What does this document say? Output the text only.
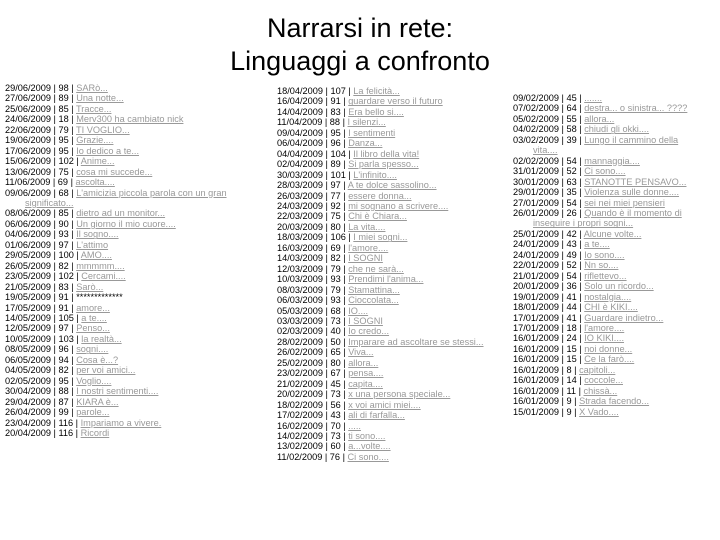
Narrarsi in rete:
Linguaggi a confronto
29/06/2009 | 98 | SARò...
27/06/2009 | 89 | Una notte...
25/06/2009 | 85 | Tracce...
24/06/2009 | 18 | Merv300 ha cambiato nick
22/06/2009 | 79 | TI VOGLIO...
19/06/2009 | 95 | Grazie....
17/06/2009 | 95 | Io dedico a te...
15/06/2009 | 102 | Anime...
13/06/2009 | 75 | cosa mi succede...
11/06/2009 | 69 | ascolta....
09/06/2009 | 68 | L'amicizia piccola parola con un gran
significato...
08/06/2009 | 85 | dietro ad un monitor...
06/06/2009 | 90 | Un giorno il mio cuore....
04/06/2009 | 93 | Il sogno....
01/06/2009 | 97 | L'attimo
29/05/2009 | 100 | AMO....
26/05/2009 | 82 | mmmmm....
23/05/2009 | 102 | Cercami....
21/05/2009 | 83 | Sarò...
19/05/2009 | 91 | *************
17/05/2009 | 91 | amore...
14/05/2009 | 105 | a te....
12/05/2009 | 97 | Penso...
10/05/2009 | 103 | la realtà...
08/05/2009 | 96 | sogni....
06/05/2009 | 94 | Cosa è...?
04/05/2009 | 82 | per voi amici...
02/05/2009 | 95 | Voglio....
30/04/2009 | 88 | I nostri sentimenti....
29/04/2009 | 87 | KIARA è...
26/04/2009 | 99 | parole...
23/04/2009 | 116 | Impariamo a vivere.
20/04/2009 | 116 | Ricordi
18/04/2009 | 107 | La felicità...
16/04/2009 | 91 | guardare verso il futuro
14/04/2009 | 83 | Era bello si....
11/04/2009 | 88 | I silenzi...
09/04/2009 | 95 | I sentimenti
06/04/2009 | 96 | Danza...
04/04/2009 | 104 | Il libro della vita!
02/04/2009 | 89 | Si parla spesso...
30/03/2009 | 101 | L'infinito....
28/03/2009 | 97 | A te dolce sassolino...
26/03/2009 | 77 | essere donna...
24/03/2009 | 92 | mi sognano a scrivere....
22/03/2009 | 75 | Chi è Chiara...
20/03/2009 | 80 | La vita....
18/03/2009 | 106 | I miei sogni...
16/03/2009 | 69 | l'amore....
14/03/2009 | 82 | I SOGNI
12/03/2009 | 79 | che ne sarà...
10/03/2009 | 93 | Prendimi l'anima...
08/03/2009 | 79 | Stamattina...
06/03/2009 | 93 | Cioccolata...
05/03/2009 | 68 | IO....
03/03/2009 | 73 | I SOGNI
02/03/2009 | 40 | Io credo...
28/02/2009 | 50 | Imparare ad ascoltare se stessi...
26/02/2009 | 65 | Viva...
25/02/2009 | 80 | allora...
23/02/2009 | 67 | pensa....
21/02/2009 | 45 | capita....
20/02/2009 | 73 | x una persona speciale...
18/02/2009 | 56 | x voi amici miei....
17/02/2009 | 43 | ali di farfalla...
16/02/2009 | 70 | .....
14/02/2009 | 73 | ti sono....
13/02/2009 | 60 | a...volte....
11/02/2009 | 76 | Ci sono....
09/02/2009 | 45 | .......
07/02/2009 | 64 | destra... o sinistra... ????
05/02/2009 | 55 | allora...
04/02/2009 | 58 | chiudi gli okki....
03/02/2009 | 39 | Lungo il cammino della
vita....
02/02/2009 | 54 | mannaggia....
31/01/2009 | 52 | Ci sono....
30/01/2009 | 63 | STANOTTE PENSAVO...
29/01/2009 | 35 | Violenza sulle donne....
27/01/2009 | 54 | sei nei miei pensieri
26/01/2009 | 26 | Quando è il momento di
inseguire i propri sogni...
25/01/2009 | 42 | Alcune volte...
24/01/2009 | 43 | a te....
24/01/2009 | 49 | Io sono....
22/01/2009 | 52 | Nn so....
21/01/2009 | 54 | riflettevo...
20/01/2009 | 36 | Solo un ricordo...
19/01/2009 | 41 | nostalgia....
18/01/2009 | 44 | CHI è KIKI....
17/01/2009 | 41 | Guardare indietro...
17/01/2009 | 18 | l'amore....
16/01/2009 | 24 | IO KIKI....
16/01/2009 | 15 | noi donne...
16/01/2009 | 15 | Ce la farò....
16/01/2009 | 8 | capitoli...
16/01/2009 | 14 | coccole...
16/01/2009 | 11 | chissà...
16/01/2009 | 9 | Strada facendo...
15/01/2009 | 9 | X Vado....
